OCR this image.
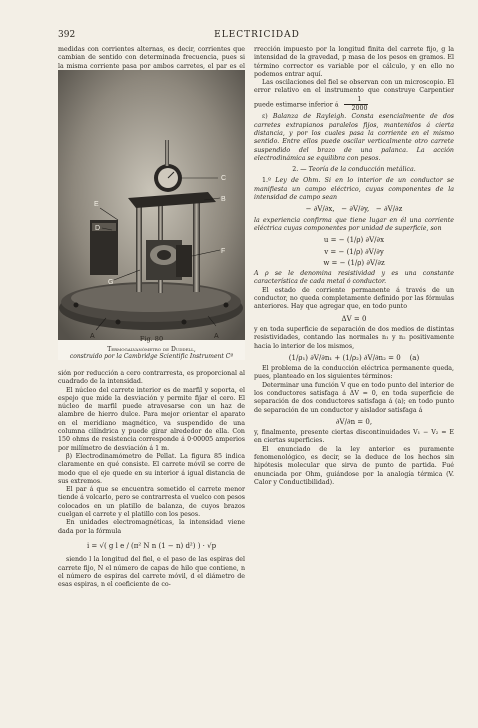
392	ELECTRICIDAD

medidas con corrientes alternas, es decir, corrientes que cambian de sentido con determinada frecuencia, pues si la misma corriente pasa por ambos carretes, el par es el

E
D
C
B
G
F
A	A
Fig. 80
Termogalvanómetro de Duddell,
construido por la Cambridge Scientific Instrument Cº

sión por reducción a cero contrarresta, es proporcional al cuadrado de la intensidad.

El núcleo del carrete interior es de marfil y soporta, el espejo que mide la desviación y permite fijar el cero. El núcleo de marfil puede atravesarse con un haz de alambre de hierro dulce. Para mejor orientar el aparato en el meridiano magnético, va suspendido de una columna cilíndrica y puede girar alrededor de ella. Con 150 ohms de resistencia corresponde á 0·00005 amperios por milímetro de desviación á 1 m.

β) Electrodinamómetro de Pellat. La figura 85 indica claramente en qué consiste. El carrete móvil se corre de modo que el eje quede en su interior á igual distancia de sus extremos.

El par á que se encuentra sometido el carrete menor tiende á volcarlo, pero se contrarresta el vuelco con pesos colocados en un platillo de balanza, de cuyos brazos cuelgan el carrete y el platillo con los pesos.

En unidades electromagnéticas, la intensidad viene dada por la fórmula

i = √( g l e / (π² N n (1 − n) d²) ) · √p

siendo l la longitud del fiel, e el paso de las espiras del carrete fijo, N el número de capas de hilo que contiene, n el número de espiras del carrete móvil, d el diámetro de esas espiras, n el coeficiente de co-

rrección impuesto por la longitud finita del carrete fijo, g la intensidad de la gravedad, p masa de los pesos en gramos. El término corrector es variable por el cálculo, y en ello no podemos entrar aquí.

Las oscilaciones del fiel se observan con un microscopio. El error relativo en el instrumento que construye Carpentier puede estimarse inferior á $\frac{1}{2000}$

ε) Balanza de Rayleigh. Consta esencialmente de dos carretes extrapianos paralelos fijos, mantenidos á cierta distancia, y por los cuales pasa la corriente en el mismo sentido. Entre ellos puede oscilar verticalmente otro carrete suspendido del brazo de una palanca. La acción electrodinámica se equilibra con pesos.

2. — Teoría de la conducción metálica.

1.º Ley de Ohm. Si en lo interior de un conductor se manifiesta un campo eléctrico, cuyas componentes de la intensidad de campo sean

− ∂V/∂x,   − ∂V/∂y,   − ∂V/∂z

la experiencia confirma que tiene lugar en él una corriente eléctrica cuyas componentes por unidad de superficie, son

u = − (1/ρ) ∂V/∂x
v = − (1/ρ) ∂V/∂y
w = − (1/ρ) ∂V/∂z

A ρ se le denomina resistividad y es una constante característica de cada metal ó conductor.

El estado de corriente permanente á través de un conductor, no queda completamente definido por las fórmulas anteriores. Hay que agregar que, en todo punto

ΔV = 0

y en toda superficie de separación de dos medios de distintas resistividades, contando las normales n₁ y n₂ positivamente hacia lo interior de los mismos,

(1/ρ₁) ∂V/∂n₁ + (1/ρ₂) ∂V/∂n₂ = 0 (a)

El problema de la conducción eléctrica permanente queda, pues, planteado en los siguientes términos:

Determinar una función V que en todo punto del interior de los conductores satisfaga á ΔV = 0, en toda superficie de separación de dos conductores satisfaga á (a); en todo punto de separación de un conductor y aislador satisfaga á

∂V/∂n = 0,

y, finalmente, presente ciertas discontinuidades V₁ − V₂ = E en ciertas superficies.

El enunciado de la ley anterior es puramente fenomenológico, es decir, se la deduce de los hechos sin hipótesis molecular que sirva de punto de partida. Fué enunciada por Ohm, guiándose por la analogía térmica (V. Calor y Conductibilidad).
